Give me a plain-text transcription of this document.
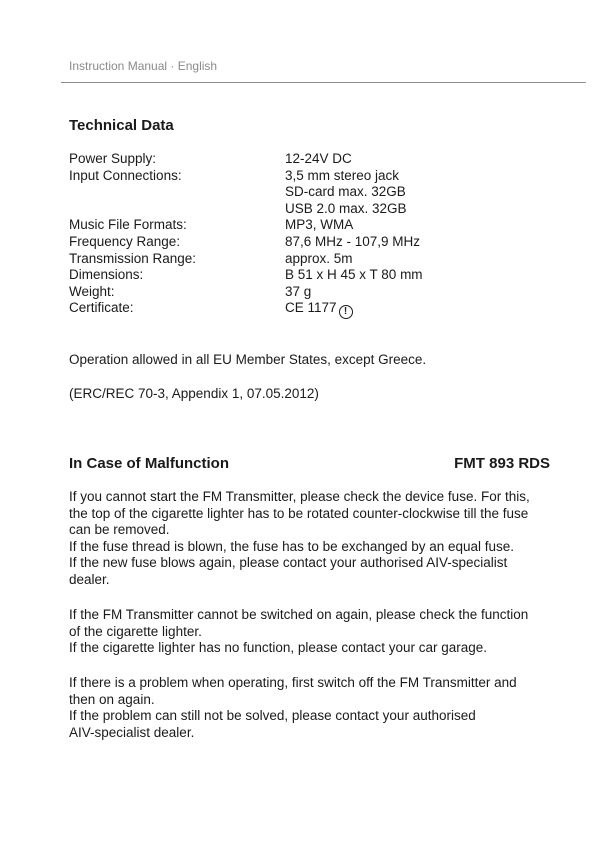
Instruction Manual · English
Technical Data
Power Supply:	12-24V DC
Input Connections:	3,5 mm stereo jack
SD-card max. 32GB
USB 2.0 max. 32GB
Music File Formats:	MP3, WMA
Frequency Range:	87,6 MHz - 107,9 MHz
Transmission Range:	approx. 5m
Dimensions:	B 51 x H 45 x T 80 mm
Weight:	37 g
Certificate:	CE 1177 !
Operation allowed in all EU Member States, except Greece.
(ERC/REC 70-3, Appendix 1, 07.05.2012)
In Case of Malfunction	FMT 893 RDS

If you cannot start the FM Transmitter, please check the device fuse. For this,

the top of the cigarette lighter has to be rotated counter-clockwise till the fuse

can be removed.

If the fuse thread is blown, the fuse has to be exchanged by an equal fuse.

If the new fuse blows again, please contact your authorised AIV-specialist

dealer.

If the FM Transmitter cannot be switched on again, please check the function

of the cigarette lighter.

If the cigarette lighter has no function, please contact your car garage.

If there is a problem when operating, first switch off the FM Transmitter and

then on again.

If the problem can still not be solved, please contact your authorised

AIV-specialist dealer.
